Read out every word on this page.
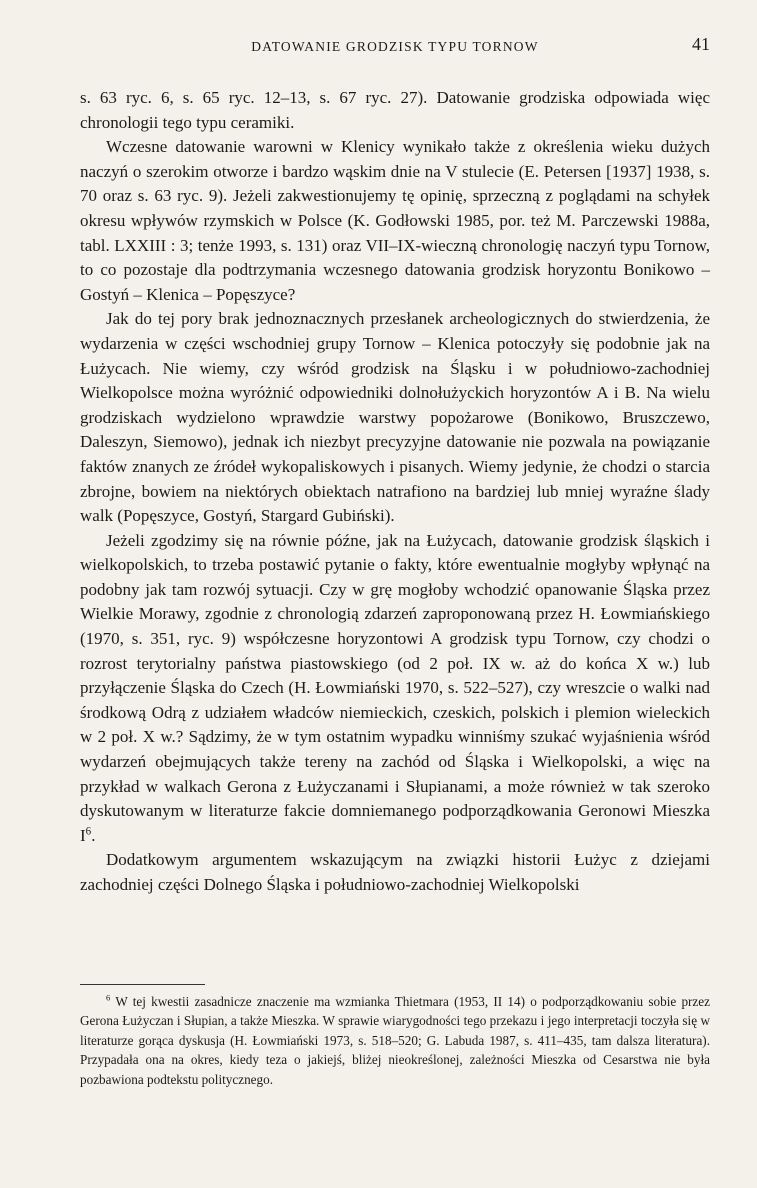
DATOWANIE GRODZISK TYPU TORNOW	41

s. 63 ryc. 6, s. 65 ryc. 12–13, s. 67 ryc. 27). Datowanie grodziska odpowiada więc chronologii tego typu ceramiki.

Wczesne datowanie warowni w Klenicy wynikało także z określenia wieku dużych naczyń o szerokim otworze i bardzo wąskim dnie na V stulecie (E. Petersen [1937] 1938, s. 70 oraz s. 63 ryc. 9). Jeżeli zakwestionujemy tę opinię, sprzeczną z poglądami na schyłek okresu wpływów rzymskich w Polsce (K. Godłowski 1985, por. też M. Parczewski 1988a, tabl. LXXIII : 3; tenże 1993, s. 131) oraz VII–IX-wieczną chronologię naczyń typu Tornow, to co pozostaje dla podtrzymania wczesnego datowania grodzisk horyzontu Bonikowo – Gostyń – Klenica – Popęszyce?

Jak do tej pory brak jednoznacznych przesłanek archeologicznych do stwierdzenia, że wydarzenia w części wschodniej grupy Tornow – Klenica potoczyły się podobnie jak na Łużycach. Nie wiemy, czy wśród grodzisk na Śląsku i w południowo-zachodniej Wielkopolsce można wyróżnić odpowiedniki dolnołużyckich horyzontów A i B. Na wielu grodziskach wydzielono wprawdzie warstwy popożarowe (Bonikowo, Bruszczewo, Daleszyn, Siemowo), jednak ich niezbyt precyzyjne datowanie nie pozwala na powiązanie faktów znanych ze źródeł wykopaliskowych i pisanych. Wiemy jedynie, że chodzi o starcia zbrojne, bowiem na niektórych obiektach natrafiono na bardziej lub mniej wyraźne ślady walk (Popęszyce, Gostyń, Stargard Gubiński).

Jeżeli zgodzimy się na równie późne, jak na Łużycach, datowanie grodzisk śląskich i wielkopolskich, to trzeba postawić pytanie o fakty, które ewentualnie mogłyby wpłynąć na podobny jak tam rozwój sytuacji. Czy w grę mogłoby wchodzić opanowanie Śląska przez Wielkie Morawy, zgodnie z chronologią zdarzeń zaproponowaną przez H. Łowmiańskiego (1970, s. 351, ryc. 9) współczesne horyzontowi A grodzisk typu Tornow, czy chodzi o rozrost terytorialny państwa piastowskiego (od 2 poł. IX w. aż do końca X w.) lub przyłączenie Śląska do Czech (H. Łowmiański 1970, s. 522–527), czy wreszcie o walki nad środkową Odrą z udziałem władców niemieckich, czeskich, polskich i plemion wieleckich w 2 poł. X w.? Sądzimy, że w tym ostatnim wypadku winniśmy szukać wyjaśnienia wśród wydarzeń obejmujących także tereny na zachód od Śląska i Wielkopolski, a więc na przykład w walkach Gerona z Łużyczanami i Słupianami, a może również w tak szeroko dyskutowanym w literaturze fakcie domniemanego podporządkowania Geronowi Mieszka $I^6$.

Dodatkowym argumentem wskazującym na związki historii Łużyc z dziejami zachodniej części Dolnego Śląska i południowo-zachodniej Wielkopolski

$^6$ W tej kwestii zasadnicze znaczenie ma wzmianka Thietmara (1953, II 14) o podporządkowaniu sobie przez Gerona Łużyczan i Słupian, a także Mieszka. W sprawie wiarygodności tego przekazu i jego interpretacji toczyła się w literaturze gorąca dyskusja (H. Łowmiański 1973, s. 518–520; G. Labuda 1987, s. 411–435, tam dalsza literatura). Przypadała ona na okres, kiedy teza o jakiejś, bliżej nieokreślonej, zależności Mieszka od Cesarstwa nie była pozbawiona podtekstu politycznego.
